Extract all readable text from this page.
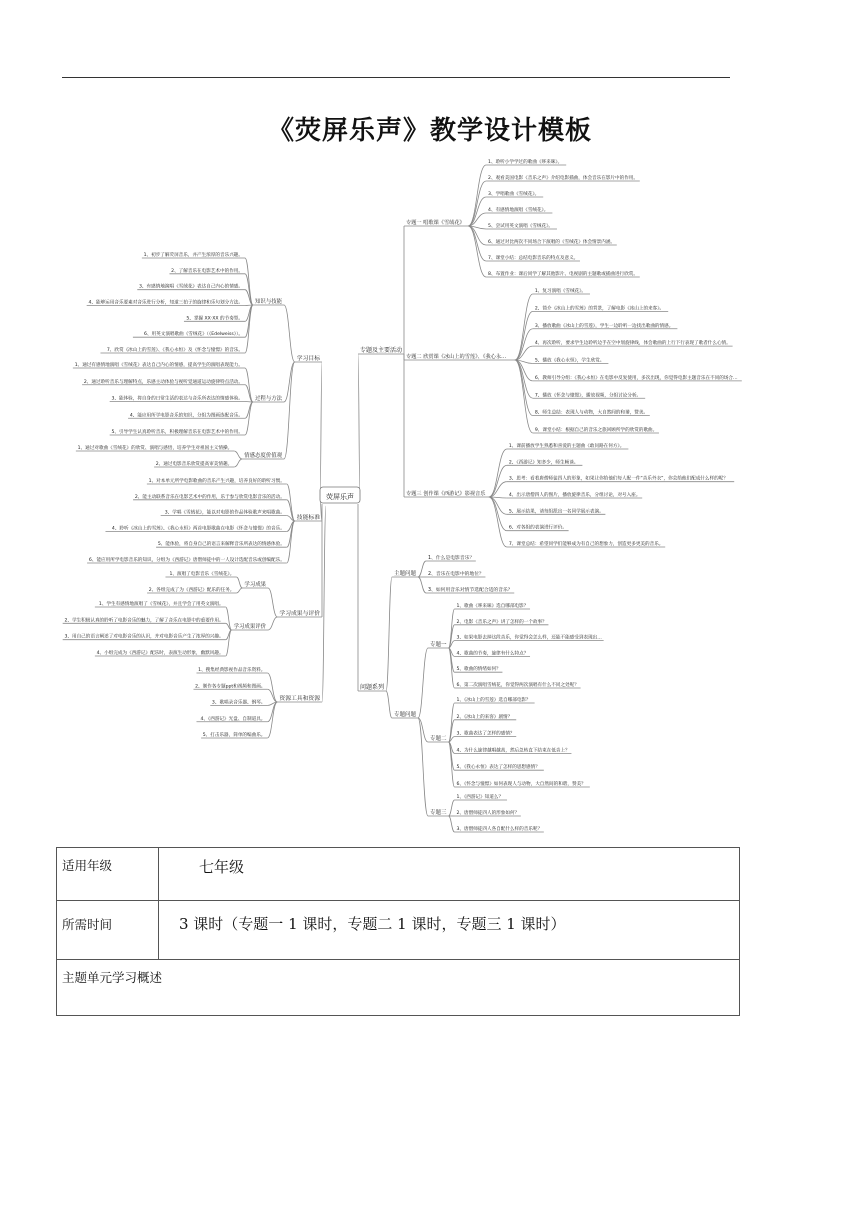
《荧屏乐声》教学设计模板
荧屏乐声
专题及主要活动
专题一 唱歌课《雪绒花》
1、聆听小学学过的歌曲《哆来咪》。
2、观看美国电影《音乐之声》介绍电影插曲，体会音乐在影片中的作用。
3、学唱歌曲《雪绒花》。
4、有感情地演唱《雪绒花》。
5、尝试用英文演唱《雪绒花》。
6、通过对比两次不同场合下演唱的《雪绒花》体会情景内涵。
7、课堂小结：总结电影音乐的特点及意义。
8、布置作业：课后同学了解其他影片、电视剧的主题歌或插曲进行欣赏。
专题二 欣赏课《冰山上的雪莲》、《我心永…
1、复习演唱《雪绒花》。
2、简介《冰山上的雪莲》的背景，了解电影《冰山上的来客》。
3、播放歌曲《冰山上的雪莲》，学生一边聆听一边找出歌曲的情感。
4、再次聆听，要求学生边聆听边手在空中划旋律线，体会歌曲的上行下行表现了歌者什么心情。
5、播放《我心永恒》，学生欣赏。
6、教师引导分组：《我心永恒》在电影中反复使用，多次出现，你觉得电影主题音乐在不同的场合…
7、播放《怀念与憧憬》，播放视频，分组讨论分析。
8、师生总结：表现人与动物，大自然间的和谐，赞美。
9、课堂小结：根据自己的音乐之旅回顾所学的欣赏的歌曲。
专题三 创作课《西游记》影视音乐
1、课前播放学生熟悉和喜爱的主题曲《敢问路在何方》。
2、《西游记》知多少，师生畅谈。
3、思考：看着唐僧师徒四人的形象，如果让你给他们每人配一件“音乐外衣”，你会给他们配成什么样的呢？
4、出示唐僧四人的图片，播放旋律音乐，分组讨论，对号入座。
5、展示结果，请每组派出一名同学展示表演。
6、对各组的表演进行评价。
7、课堂总结：希望同学们能够成为有自己的想象力，创造更多更美的音乐。
问题系列
主题问题
1、什么是电影音乐？
2、音乐在电影中的地位？
3、如何用音乐对情节选配合适的音乐？
专题问题
专题一
1、歌曲《哆来咪》选自哪部电影？
2、电影《音乐之声》讲了怎样的一个故事？
3、如果电影去掉这段音乐，你觉得会怎么样，还能不能感受到表现出…
4、歌曲的节奏，旋律有什么特点？
5、歌曲的情绪如何？
6、第二次演唱雪绒花，你觉得两次演唱有什么不同之处呢？
专题二
1、《冰山上的雪莲》选自哪部电影？
2、《冰山上的来客》剧情？
3、歌曲表达了怎样的感情？
4、为什么旋律越唱越高，然后急转直下结束在低音上？
5、《我心永恒》表达了怎样的思想感情？
6、《怀念与憧憬》如何表现人与动物，大自然间的和谐，赞美？
专题三
1、《西游记》知道么？
2、唐僧师徒四人的形象如何？
3、唐僧师徒四人各自配什么样的音乐呢？
学习目标
知识与技能
1、初步了解荧屏音乐，并产生浓厚的音乐兴趣。
2、了解音乐在电影艺术中的作用。
3、有感情地演唱《雪绒花》表达自己内心的情感。
4、能够运用音乐要素对音乐进行分析，知道三拍子的旋律和乐句划分方法。
5、掌握 XX·XX 的节奏型。
6、用英文演唱歌曲《雪绒花》（《Edelweiss》）。
7、欣赏《冰山上的雪莲》、《我心永恒》及《怀念与憧憬》的音乐。
过程与方法
1、通过有感情地演唱《雪绒花》表达自己内心的情感，提高学生的演唱表现能力。
2、通过聆听音乐与理解特点，乐感主动体验与视听觉通道运动旋律特点活动。
3、能体验，将自身的日常生活的表达与音乐所表达的情感体验。
4、能应用所学电影音乐的知识，分组为图画选配音乐。
5、引导学生认真聆听音乐，积极理解音乐在电影艺术中的作用。
情感态度价值观
1、通过对歌曲《雪绒花》的欣赏、演唱与感悟，培养学生对祖国主义情操。
2、通过电影音乐欣赏提高审美情趣。
技能标准
1、对本单元所学电影歌曲的音乐产生兴趣，培养良好的聆听习惯。
2、能主动联系音乐在电影艺术中的作用，乐于参与欣赏电影音乐的活动。
3、学唱《雪绒花》，能以对电影的作品体验歌声来唱歌曲。
4、聆听《冰山上的雪莲》、《我心永恒》两首电影歌曲在电影《怀念与憧憬》的音乐。
5、能体验，将自身自己的语言来解释音乐所表达的情感体验。
6、能应用所学电影音乐的知识，分组为《西游记》唐僧师徒中的一人设计选配音乐或创编配乐。
学习成果与评价
学习成果
1、演唱了电影音乐《雪绒花》。
2、各组完成了为《西游记》配乐的任务。
学习成果评价
1、学生有感情地演唱了《雪绒花》，并且学会了用英文演唱。
2、学生积极认真的聆听了电影音乐的魅力，了解了音乐在电影中的重要作用。
3、用自己的语言阐述了对电影音乐的认识，并对电影音乐产生了浓厚的兴趣。
4、小组完成为《西游记》配乐时，表演生动形象，幽默风趣。
资源工具和资源
1、搜集经典影视作品音乐资料。
2、制作各专题ppt和视频和图画。
3、歌唱录音乐器、钢琴。
4、《西游记》光盘、自制道具。
5、打击乐器，简单的编曲乐。
适用年级	七年级
所需时间	3 课时（专题一 1 课时，专题二 1 课时，专题三 1 课时）
主题单元学习概述	
